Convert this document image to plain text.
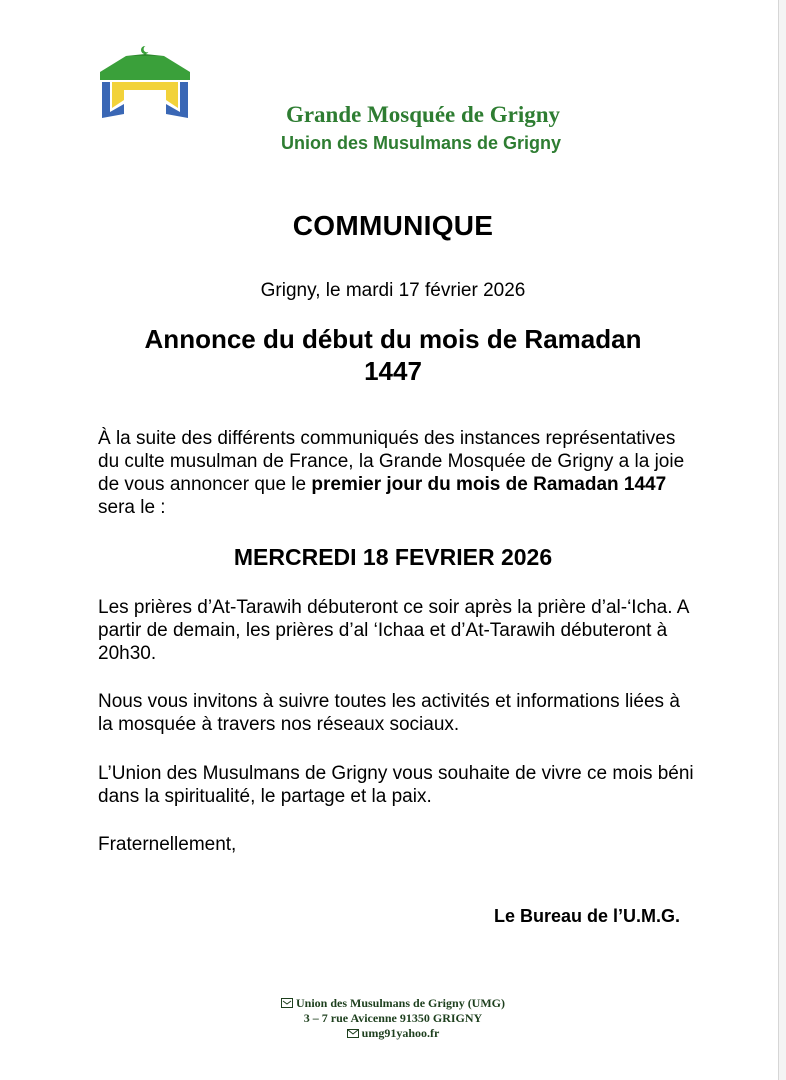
Grande Mosquée de Grigny

Union des Musulmans de Grigny

COMMUNIQUE

Grigny, le mardi 17 février 2026

Annonce du début du mois de Ramadan
1447

À la suite des différents communiqués des instances représentatives du culte musulman de France, la Grande Mosquée de Grigny a la joie de vous annoncer que le premier jour du mois de Ramadan 1447 sera le :

MERCREDI 18 FEVRIER 2026

Les prières d’At-Tarawih débuteront ce soir après la prière d’al-‘Icha. A partir de demain, les prières d’al ‘Ichaa et d’At-Tarawih débuteront à 20h30.

Nous vous invitons à suivre toutes les activités et informations liées à la mosquée à travers nos réseaux sociaux.

L’Union des Musulmans de Grigny vous souhaite de vivre ce mois béni dans la spiritualité, le partage et la paix.

Fraternellement,

Le Bureau de l’U.M.G.

Union des Musulmans de Grigny (UMG)
3 – 7 rue Avicenne 91350 GRIGNY
umg91yahoo.fr
